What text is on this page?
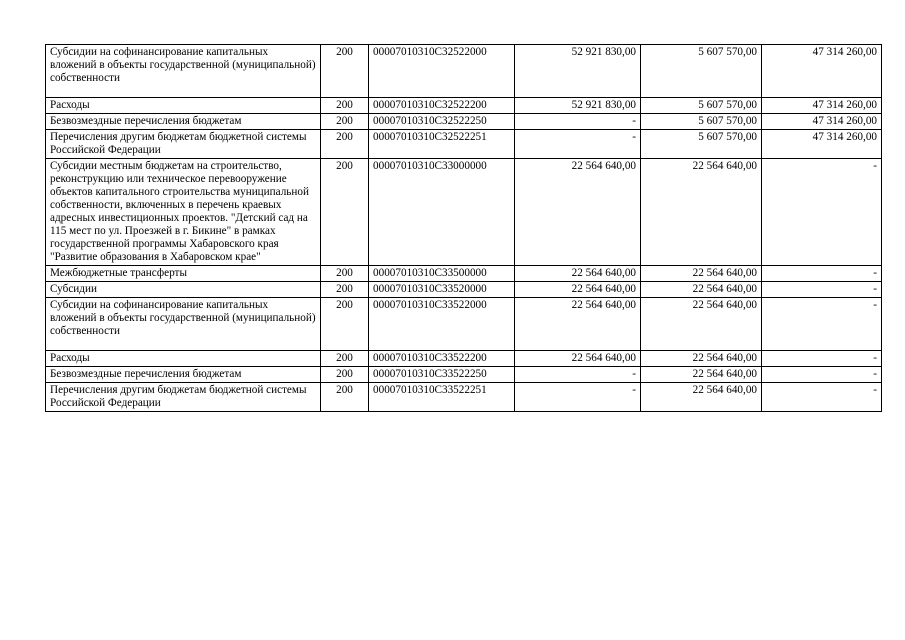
Субсидии на софинансирование капитальных вложений в объекты государственной (муниципальной) собственности	200	00007010310С32522000	52 921 830,00	5 607 570,00	47 314 260,00
Расходы	200	00007010310С32522200	52 921 830,00	5 607 570,00	47 314 260,00
Безвозмездные перечисления бюджетам	200	00007010310С32522250	-	5 607 570,00	47 314 260,00
Перечисления другим бюджетам бюджетной системы Российской Федерации	200	00007010310С32522251	-	5 607 570,00	47 314 260,00
Субсидии местным бюджетам на строительство, реконструкцию или техническое перевооружение объектов капитального строительства муниципальной собственности, включенных в перечень краевых адресных инвестиционных проектов. "Детский сад на 115 мест по ул. Проезжей в г. Бикине" в рамках государственной программы Хабаровского края "Развитие образования в Хабаровском крае"	200	00007010310С33000000	22 564 640,00	22 564 640,00	-
Межбюджетные трансферты	200	00007010310С33500000	22 564 640,00	22 564 640,00	-
Субсидии	200	00007010310С33520000	22 564 640,00	22 564 640,00	-
Субсидии на софинансирование капитальных вложений в объекты государственной (муниципальной) собственности	200	00007010310С33522000	22 564 640,00	22 564 640,00	-
Расходы	200	00007010310С33522200	22 564 640,00	22 564 640,00	-
Безвозмездные перечисления бюджетам	200	00007010310С33522250	-	22 564 640,00	-
Перечисления другим бюджетам бюджетной системы Российской Федерации	200	00007010310С33522251	-	22 564 640,00	-
